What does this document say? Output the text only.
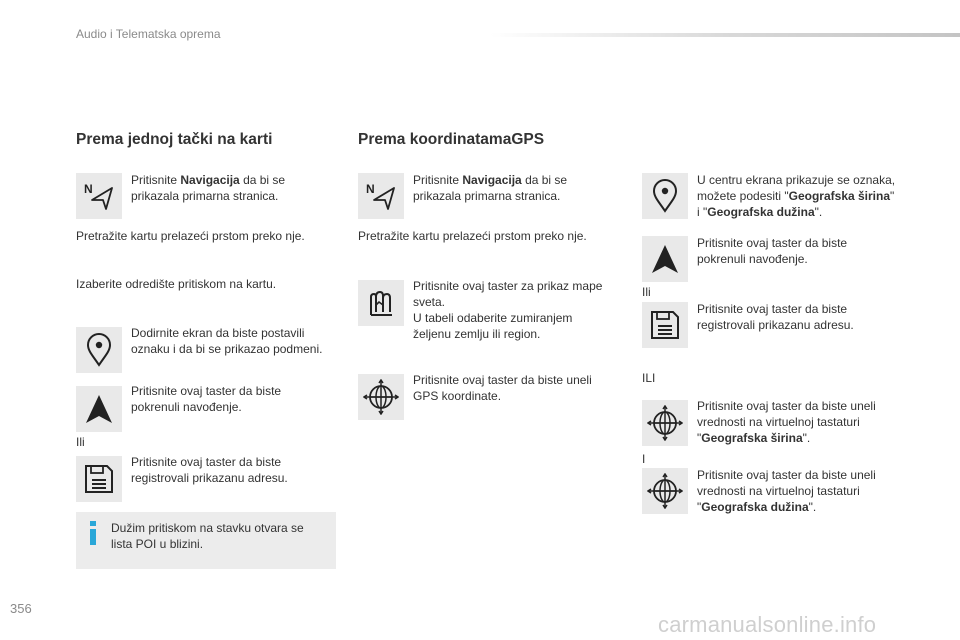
Audio i Telematska oprema
Prema jednoj tački na karti
N
Pritisnite Navigacija da bi se
prikazala primarna stranica.
Pretražite kartu prelazeći prstom preko nje.
Izaberite odredište pritiskom na kartu.
Dodirnite ekran da biste postavili
oznaku i da bi se prikazao podmeni.
Pritisnite ovaj taster da biste
pokrenuli navođenje.
Ili
Pritisnite ovaj taster da biste
registrovali prikazanu adresu.
Dužim pritiskom na stavku otvara se
lista POI u blizini.
Prema koordinatamaGPS
N
Pritisnite Navigacija da bi se
prikazala primarna stranica.
Pretražite kartu prelazeći prstom preko nje.
Pritisnite ovaj taster za prikaz mape
sveta.
U tabeli odaberite zumiranjem
željenu zemlju ili region.
Pritisnite ovaj taster da biste uneli
GPS koordinate.
U centru ekrana prikazuje se oznaka,
možete podesiti "Geografska širina"
i "Geografska dužina".
Pritisnite ovaj taster da biste
pokrenuli navođenje.
Ili
Pritisnite ovaj taster da biste
registrovali prikazanu adresu.
ILI
Pritisnite ovaj taster da biste uneli
vrednosti na virtuelnoj tastaturi
"Geografska širina".
I
Pritisnite ovaj taster da biste uneli
vrednosti na virtuelnoj tastaturi
"Geografska dužina".
356
carmanualsonline.info
